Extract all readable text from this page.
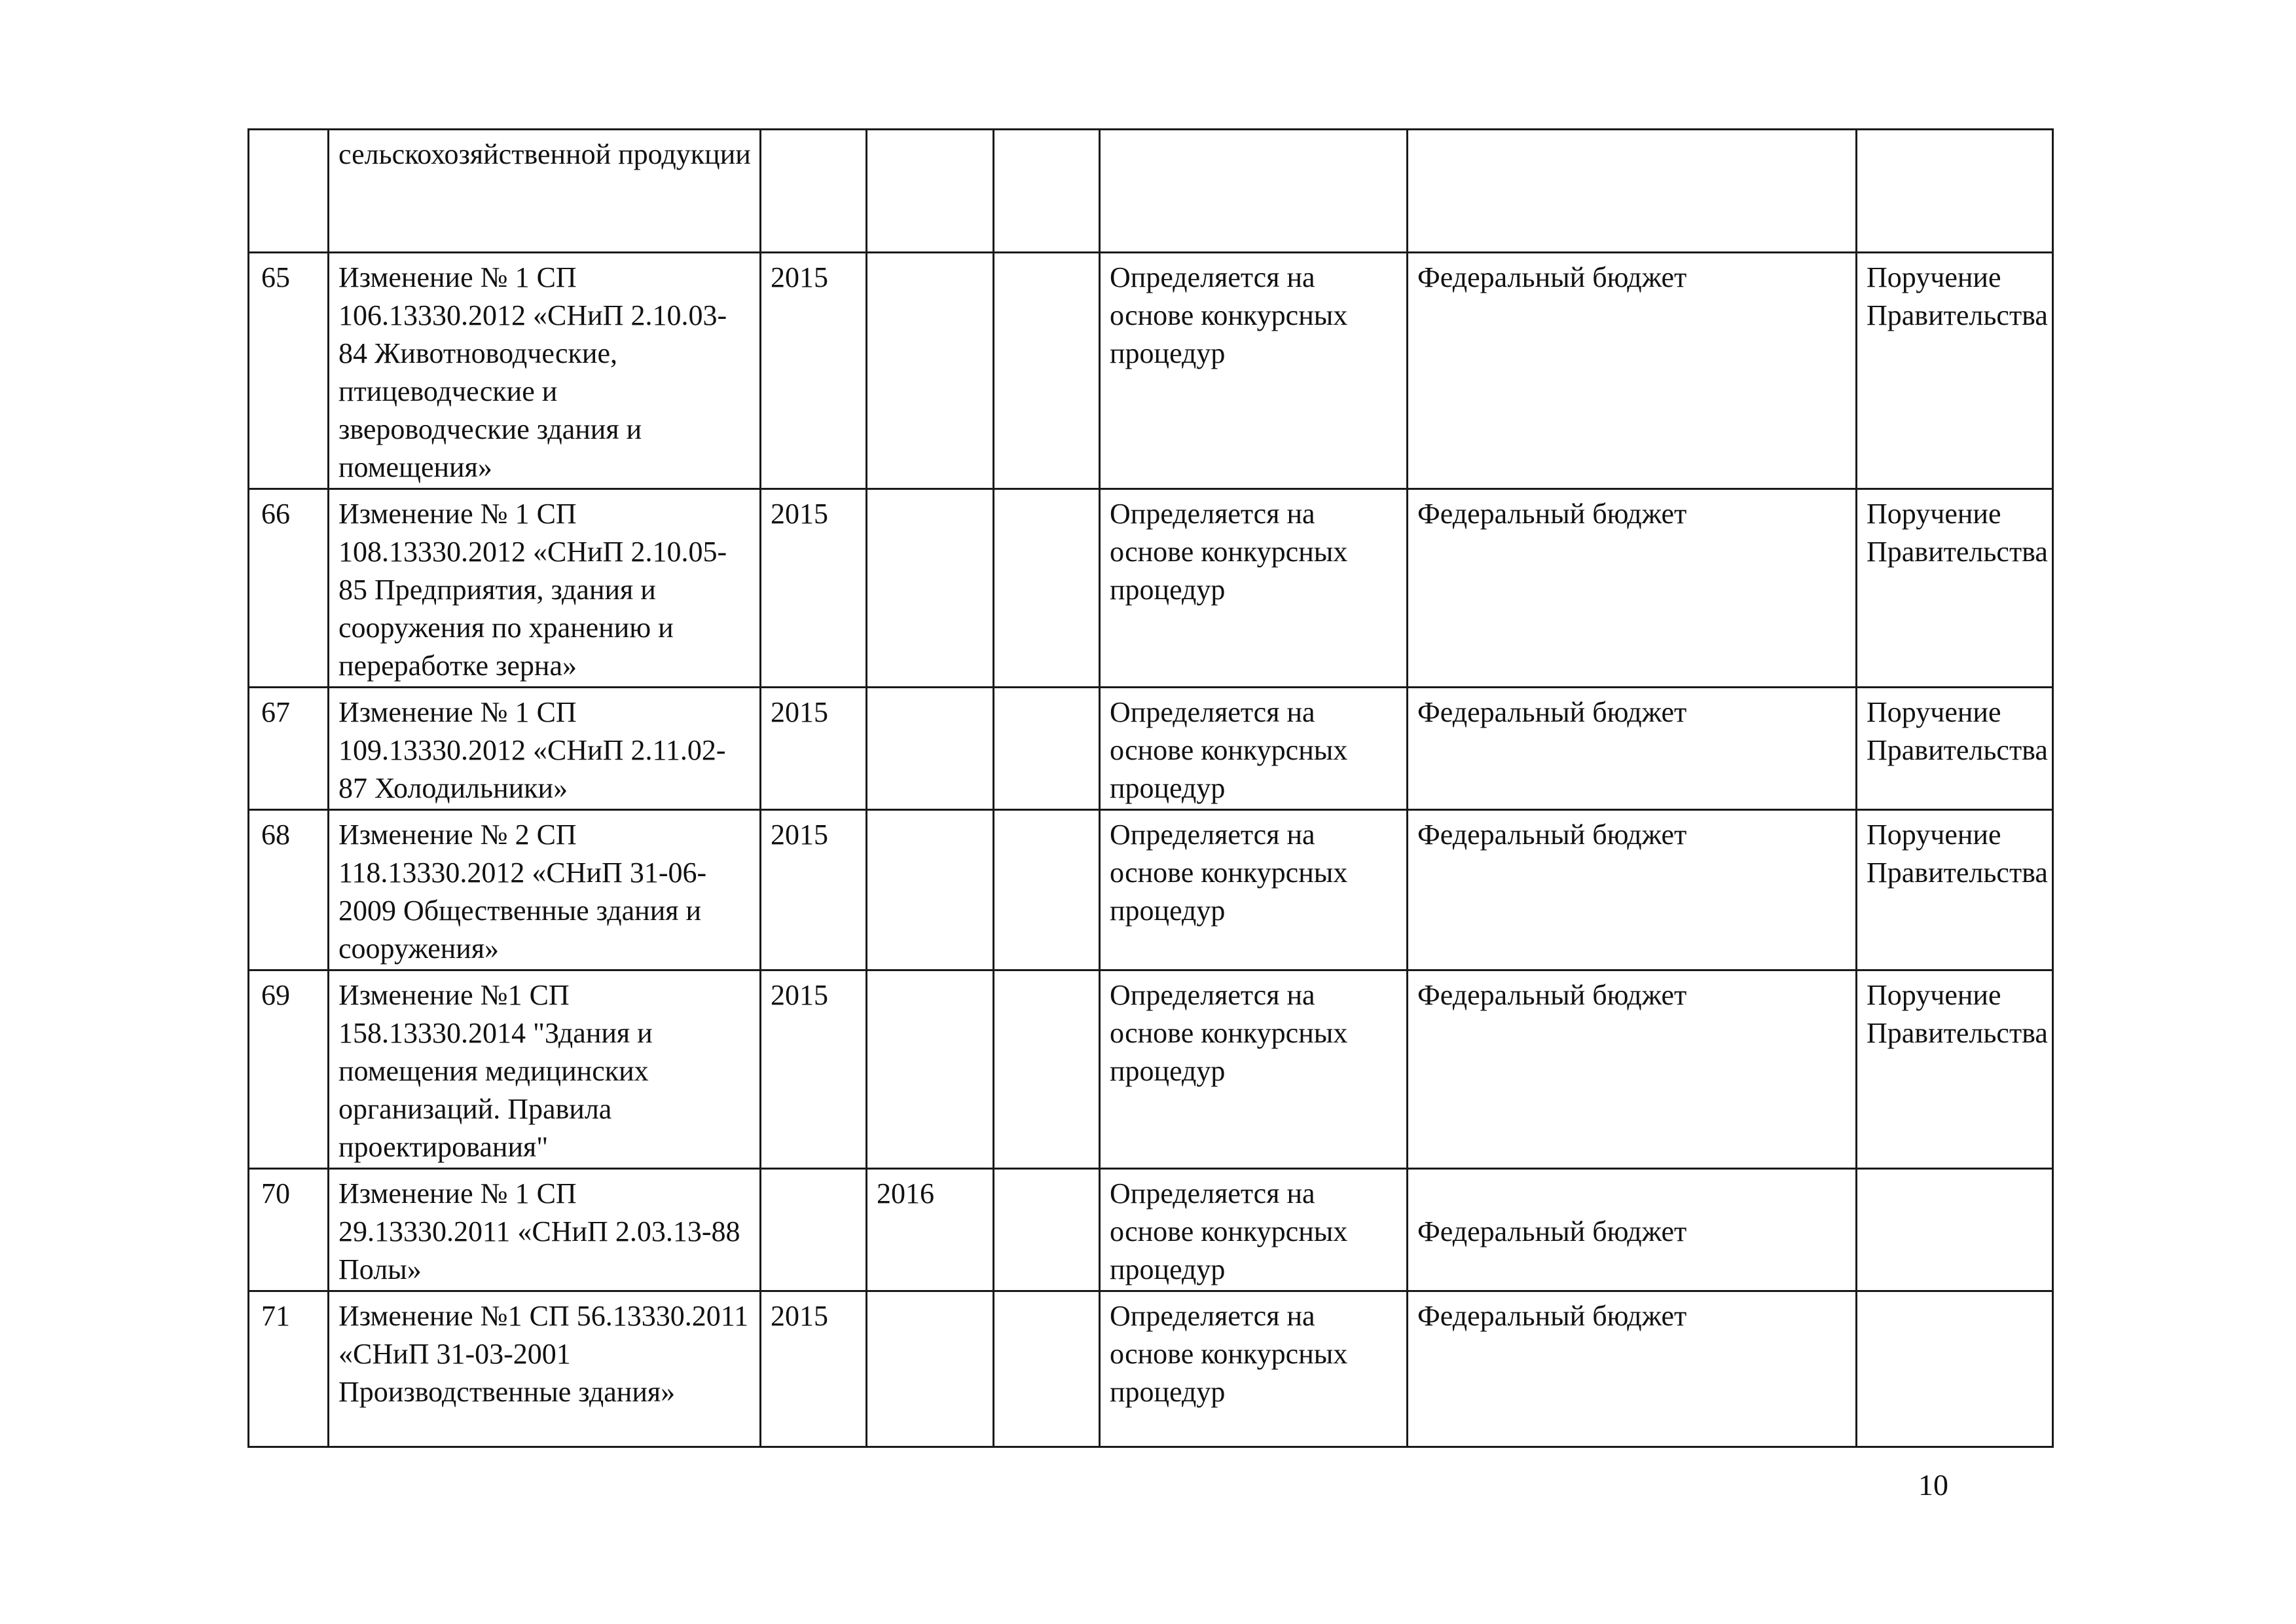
	сельскохозяйственной продукции						
65	Изменение № 1 СП 106.13330.2012 «СНиП 2.10.03-84 Животноводческие, птицеводческие и звероводческие здания и помещения»	2015			Определяется на основе конкурсных процедур	Федеральный бюджет	Поручение Правительства
66	Изменение № 1 СП 108.13330.2012 «СНиП 2.10.05-85 Предприятия, здания и сооружения по хранению и переработке зерна»	2015			Определяется на основе конкурсных процедур	Федеральный бюджет	Поручение Правительства
67	Изменение № 1 СП 109.13330.2012 «СНиП 2.11.02-87 Холодильники»	2015			Определяется на основе конкурсных процедур	Федеральный бюджет	Поручение Правительства
68	Изменение № 2 СП 118.13330.2012 «СНиП 31-06-2009 Общественные здания и сооружения»	2015			Определяется на основе конкурсных процедур	Федеральный бюджет	Поручение Правительства
69	Изменение №1 СП 158.13330.2014 "Здания и помещения медицинских организаций. Правила проектирования"	2015			Определяется на основе конкурсных процедур	Федеральный бюджет	Поручение Правительства
70	Изменение № 1 СП 29.13330.2011 «СНиП 2.03.13-88 Полы»		2016		Определяется на основе конкурсных процедур	Федеральный бюджет	
71	Изменение №1 СП 56.13330.2011 «СНиП 31-03-2001 Производственные здания»	2015			Определяется на основе конкурсных процедур	Федеральный бюджет	
10
